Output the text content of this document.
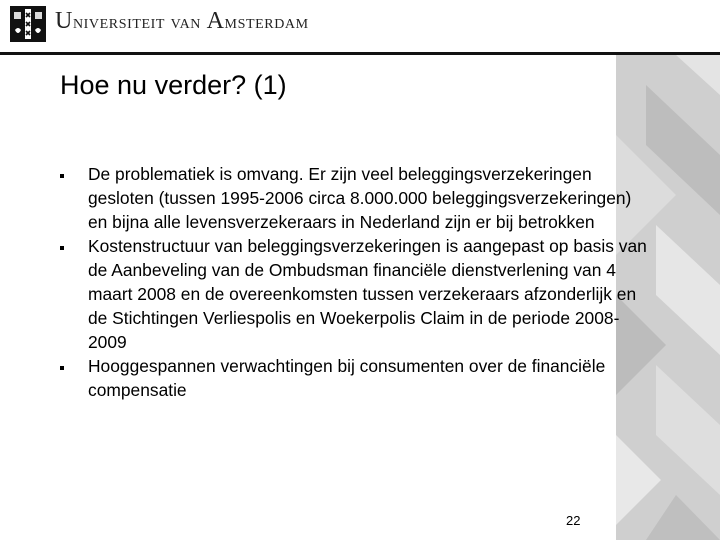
Universiteit van Amsterdam
Hoe nu verder? (1)
De problematiek is omvang. Er zijn veel beleggingsverzekeringen gesloten (tussen 1995-2006 circa 8.000.000 beleggingsverzekeringen) en bijna alle levensverzekeraars in Nederland zijn er bij betrokken
Kostenstructuur van beleggingsverzekeringen is aangepast op basis van de Aanbeveling van de Ombudsman financiële dienstverlening van 4 maart 2008 en de overeenkomsten tussen verzekeraars afzonderlijk en de Stichtingen Verliespolis en Woekerpolis Claim in de periode 2008-2009
Hooggespannen verwachtingen bij consumenten over de financiële compensatie
22
